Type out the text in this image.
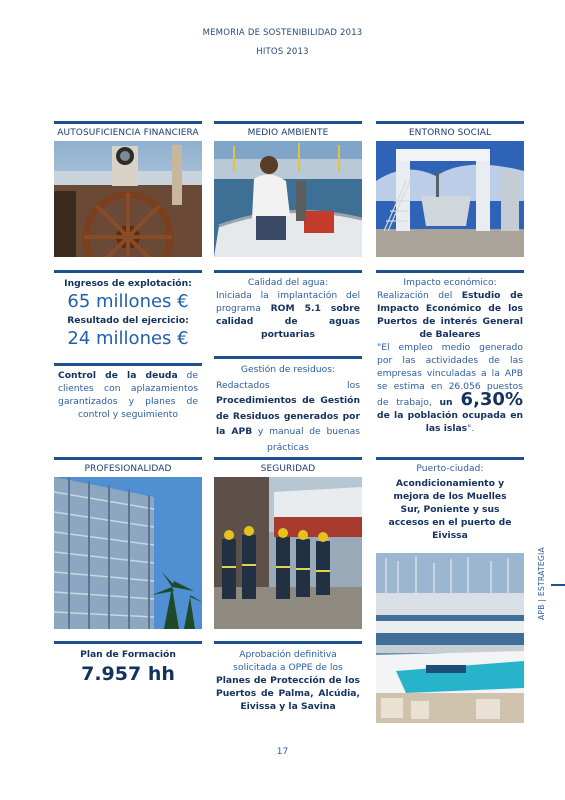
MEMORIA DE SOSTENIBILIDAD 2013
HITOS 2013
AUTOSUFICIENCIA FINANCIERA
Ingresos de explotación:
65 millones €
Resultado del ejercicio:
24 millones €
Control de la deuda de clientes con aplazamientos garantizados y planes de control y seguimiento
MEDIO AMBIENTE
Calidad del agua:
Iniciada la implantación del programa ROM 5.1 sobre calidad de aguas portuarias
Gestión de residuos:
Redactados los Procedimientos de Gestión de Residuos generados por la APB y manual de buenas prácticas
ENTORNO SOCIAL
Impacto económico:
Realización del Estudio de Impacto Económico de los Puertos de interés General de Baleares
"El empleo medio generado por las actividades de las empresas vinculadas a la APB se estima en 26.056 puestos de trabajo, un 6,30% de la población ocupada en las islas".
PROFESIONALIDAD
Plan de Formación
7.957 hh
SEGURIDAD
Aprobación definitiva solicitada a OPPE de los
Planes de Protección de los Puertos de Palma, Alcúdia, Eivissa y la Savina
Puerto-ciudad:
Acondicionamiento y mejora de los Muelles Sur, Poniente y sus accesos en el puerto de Eivissa
APB | ESTRATEGIA
17
